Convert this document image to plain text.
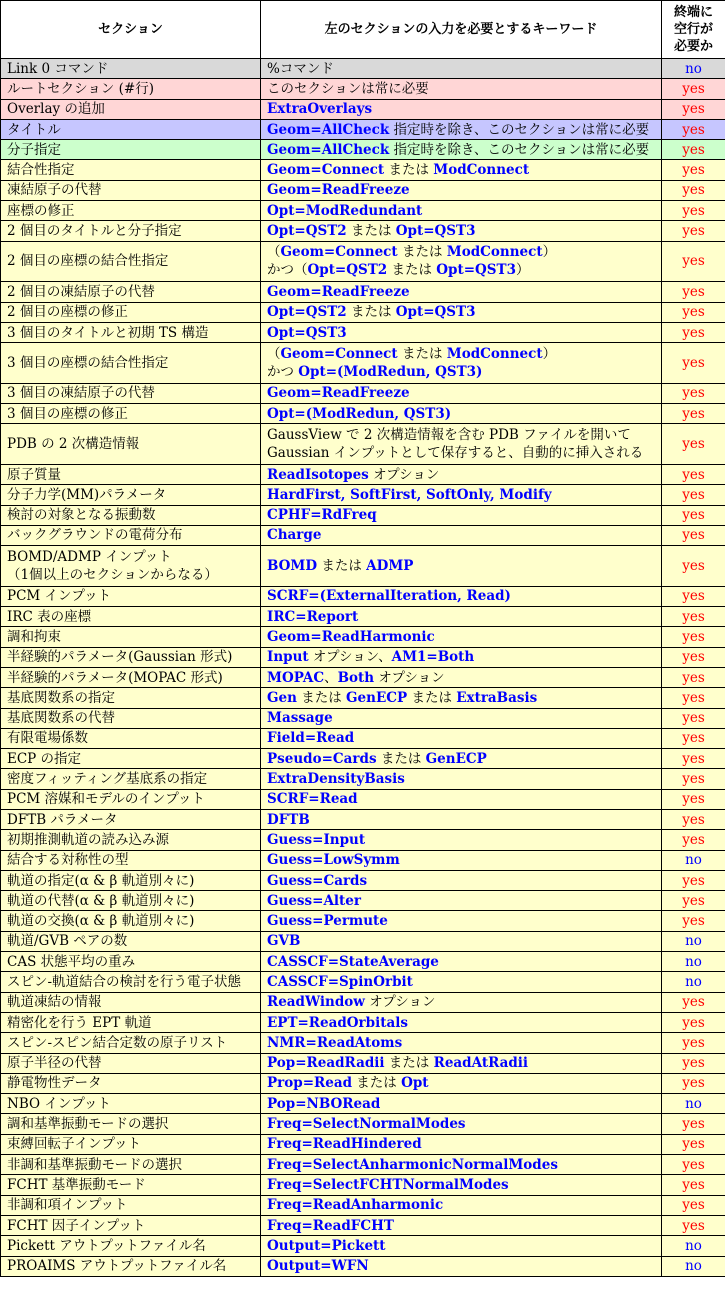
セクション	左のセクションの入力を必要とするキーワード	終端に
空行が
必要か
Link 0 コマンド	%コマンド	no
ルートセクション (#行)	このセクションは常に必要	yes
Overlay の追加	ExtraOverlays	yes
タイトル	Geom=AllCheck 指定時を除き、このセクションは常に必要	yes
分子指定	Geom=AllCheck 指定時を除き、このセクションは常に必要	yes
結合性指定	Geom=Connect または ModConnect	yes
凍結原子の代替	Geom=ReadFreeze	yes
座標の修正	Opt=ModRedundant	yes
2 個目のタイトルと分子指定	Opt=QST2 または Opt=QST3	yes
2 個目の座標の結合性指定	（Geom=Connect または ModConnect）
かつ（Opt=QST2 または Opt=QST3）	yes
2 個目の凍結原子の代替	Geom=ReadFreeze	yes
2 個目の座標の修正	Opt=QST2 または Opt=QST3	yes
3 個目のタイトルと初期 TS 構造	Opt=QST3	yes
3 個目の座標の結合性指定	（Geom=Connect または ModConnect）
かつ Opt=(ModRedun, QST3)	yes
3 個目の凍結原子の代替	Geom=ReadFreeze	yes
3 個目の座標の修正	Opt=(ModRedun, QST3)	yes
PDB の 2 次構造情報	GaussView で 2 次構造情報を含む PDB ファイルを開いて
Gaussian インプットとして保存すると、自動的に挿入される	yes
原子質量	ReadIsotopes オプション	yes
分子力学(MM)パラメータ	HardFirst, SoftFirst, SoftOnly, Modify	yes
検討の対象となる振動数	CPHF=RdFreq	yes
バックグラウンドの電荷分布	Charge	yes
BOMD/ADMP インプット
（1個以上のセクションからなる）	BOMD または ADMP	yes
PCM インプット	SCRF=(ExternalIteration, Read)	yes
IRC 表の座標	IRC=Report	yes
調和拘束	Geom=ReadHarmonic	yes
半経験的パラメータ(Gaussian 形式)	Input オプション、AM1=Both	yes
半経験的パラメータ(MOPAC 形式)	MOPAC、Both オプション	yes
基底関数系の指定	Gen または GenECP または ExtraBasis	yes
基底関数系の代替	Massage	yes
有限電場係数	Field=Read	yes
ECP の指定	Pseudo=Cards または GenECP	yes
密度フィッティング基底系の指定	ExtraDensityBasis	yes
PCM 溶媒和モデルのインプット	SCRF=Read	yes
DFTB パラメータ	DFTB	yes
初期推測軌道の読み込み源	Guess=Input	yes
結合する対称性の型	Guess=LowSymm	no
軌道の指定(α & β 軌道別々に)	Guess=Cards	yes
軌道の代替(α & β 軌道別々に)	Guess=Alter	yes
軌道の交換(α & β 軌道別々に)	Guess=Permute	yes
軌道/GVB ペアの数	GVB	no
CAS 状態平均の重み	CASSCF=StateAverage	no
スピン-軌道結合の検討を行う電子状態	CASSCF=SpinOrbit	no
軌道凍結の情報	ReadWindow オプション	yes
精密化を行う EPT 軌道	EPT=ReadOrbitals	yes
スピン-スピン結合定数の原子リスト	NMR=ReadAtoms	yes
原子半径の代替	Pop=ReadRadii または ReadAtRadii	yes
静電物性データ	Prop=Read または Opt	yes
NBO インプット	Pop=NBORead	no
調和基準振動モードの選択	Freq=SelectNormalModes	yes
束縛回転子インプット	Freq=ReadHindered	yes
非調和基準振動モードの選択	Freq=SelectAnharmonicNormalModes	yes
FCHT 基準振動モード	Freq=SelectFCHTNormalModes	yes
非調和項インプット	Freq=ReadAnharmonic	yes
FCHT 因子インプット	Freq=ReadFCHT	yes
Pickett アウトプットファイル名	Output=Pickett	no
PROAIMS アウトプットファイル名	Output=WFN	no
